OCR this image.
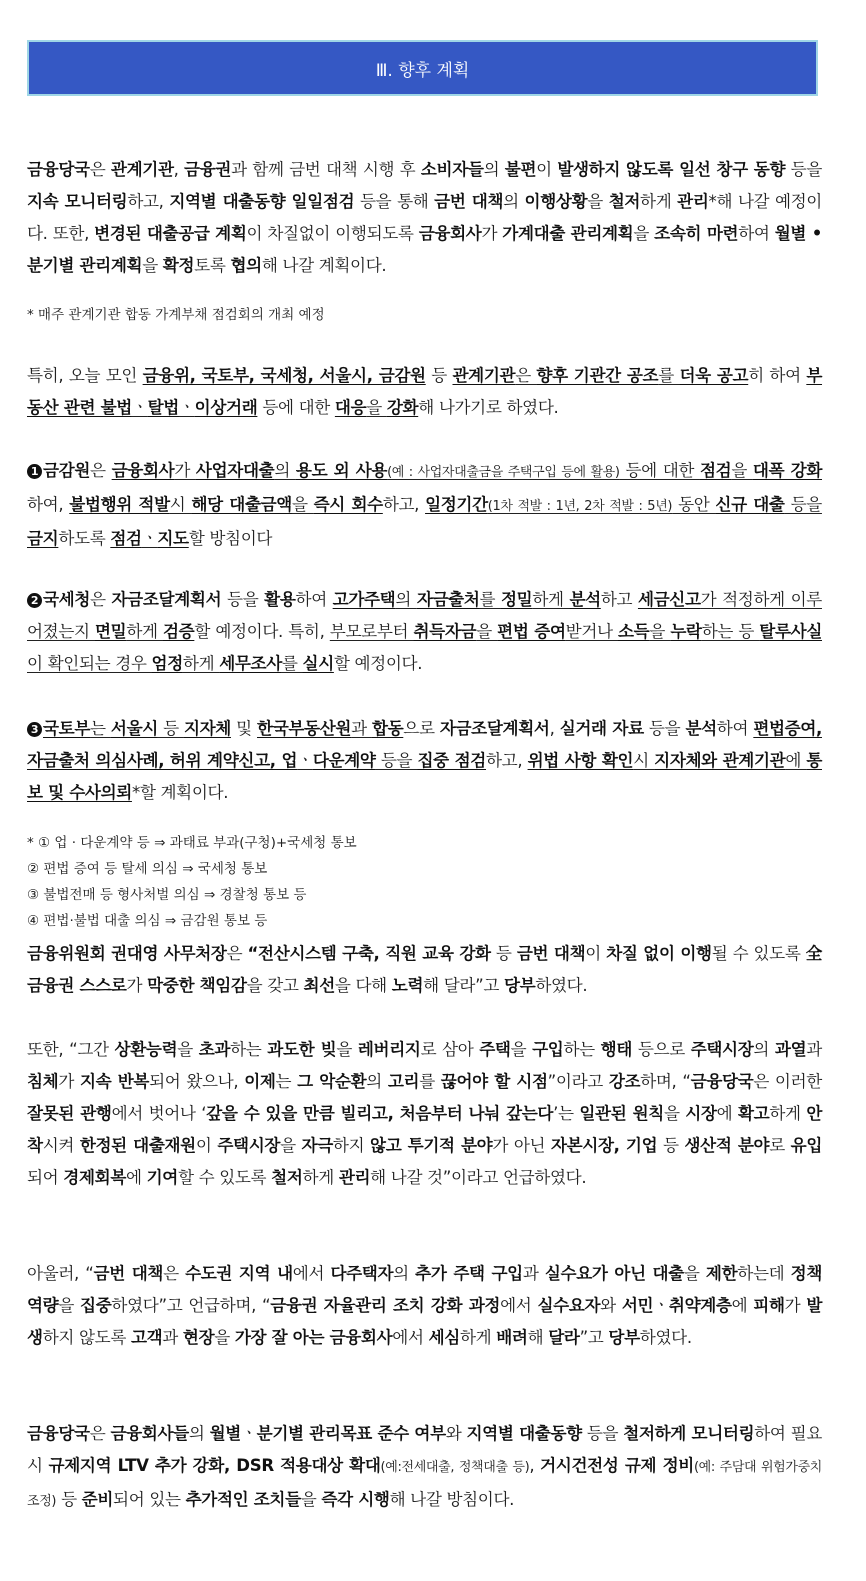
Ⅲ. 향후 계획

금융당국은 관계기관, 금융권과 함께 금번 대책 시행 후 소비자들의 불편이 발생하지 않도록 일선 창구 동향 등을 지속 모니터링하고, 지역별 대출동향 일일점검 등을 통해 금번 대책의 이행상황을 철저하게 관리*해 나갈 예정이다. 또한, 변경된 대출공급 계획이 차질없이 이행되도록 금융회사가 가계대출 관리계획을 조속히 마련하여 월별 • 분기별 관리계획을 확정토록 협의해 나갈 계획이다.

* 매주 관계기관 합동 가계부채 점검회의 개최 예정

특히, 오늘 모인 금융위, 국토부, 국세청, 서울시, 금감원 등 관계기관은 향후 기관간 공조를 더욱 공고히 하여 부동산 관련 불법ㆍ탈법ㆍ이상거래 등에 대한 대응을 강화해 나가기로 하였다.

1 금감원은 금융회사가 사업자대출의 용도 외 사용(예 : 사업자대출금을 주택구입 등에 활용) 등에 대한 점검을 대폭 강화하여, 불법행위 적발시 해당 대출금액을 즉시 회수하고, 일정기간(1차 적발 : 1년, 2차 적발 : 5년) 동안 신규 대출 등을 금지하도록 점검ㆍ지도할 방침이다

2 국세청은 자금조달계획서 등을 활용하여 고가주택의 자금출처를 정밀하게 분석하고 세금신고가 적정하게 이루어졌는지 면밀하게 검증할 예정이다. 특히, 부모로부터 취득자금을 편법 증여받거나 소득을 누락하는 등 탈루사실이 확인되는 경우 엄정하게 세무조사를 실시할 예정이다.

3 국토부는 서울시 등 지자체 및 한국부동산원과 합동으로 자금조달계획서, 실거래 자료 등을 분석하여 편법증여, 자금출처 의심사례, 허위 계약신고, 업ㆍ다운계약 등을 집중 점검하고, 위법 사항 확인시 지자체와 관계기관에 통보 및 수사의뢰*할 계획이다.

* ① 업 · 다운계약 등 ⇒ 과태료 부과(구청)+국세청 통보

② 편법 증여 등 탈세 의심 ⇒ 국세청 통보

③ 불법전매 등 형사처벌 의심 ⇒ 경찰청 통보 등

④ 편법·불법 대출 의심 ⇒ 금감원 통보 등

금융위원회 권대영 사무처장은 “전산시스템 구축, 직원 교육 강화 등 금번 대책이 차질 없이 이행될 수 있도록 全 금융권 스스로가 막중한 책임감을 갖고 최선을 다해 노력해 달라”고 당부하였다.

또한, “그간 상환능력을 초과하는 과도한 빚을 레버리지로 삼아 주택을 구입하는 행태 등으로 주택시장의 과열과 침체가 지속 반복되어 왔으나, 이제는 그 악순환의 고리를 끊어야 할 시점”이라고 강조하며, “금융당국은 이러한 잘못된 관행에서 벗어나 ‘갚을 수 있을 만큼 빌리고, 처음부터 나눠 갚는다’는 일관된 원칙을 시장에 확고하게 안착시켜 한정된 대출재원이 주택시장을 자극하지 않고 투기적 분야가 아닌 자본시장, 기업 등 생산적 분야로 유입되어 경제회복에 기여할 수 있도록 철저하게 관리해 나갈 것”이라고 언급하였다.

아울러, “금번 대책은 수도권 지역 내에서 다주택자의 추가 주택 구입과 실수요가 아닌 대출을 제한하는데 정책 역량을 집중하였다”고 언급하며, “금융권 자율관리 조치 강화 과정에서 실수요자와 서민ㆍ취약계층에 피해가 발생하지 않도록 고객과 현장을 가장 잘 아는 금융회사에서 세심하게 배려해 달라”고 당부하였다.

금융당국은 금융회사들의 월별ㆍ분기별 관리목표 준수 여부와 지역별 대출동향 등을 철저하게 모니터링하여 필요시 규제지역 LTV 추가 강화, DSR 적용대상 확대(예:전세대출, 정책대출 등), 거시건전성 규제 정비(예: 주담대 위험가중치 조정) 등 준비되어 있는 추가적인 조치들을 즉각 시행해 나갈 방침이다.
